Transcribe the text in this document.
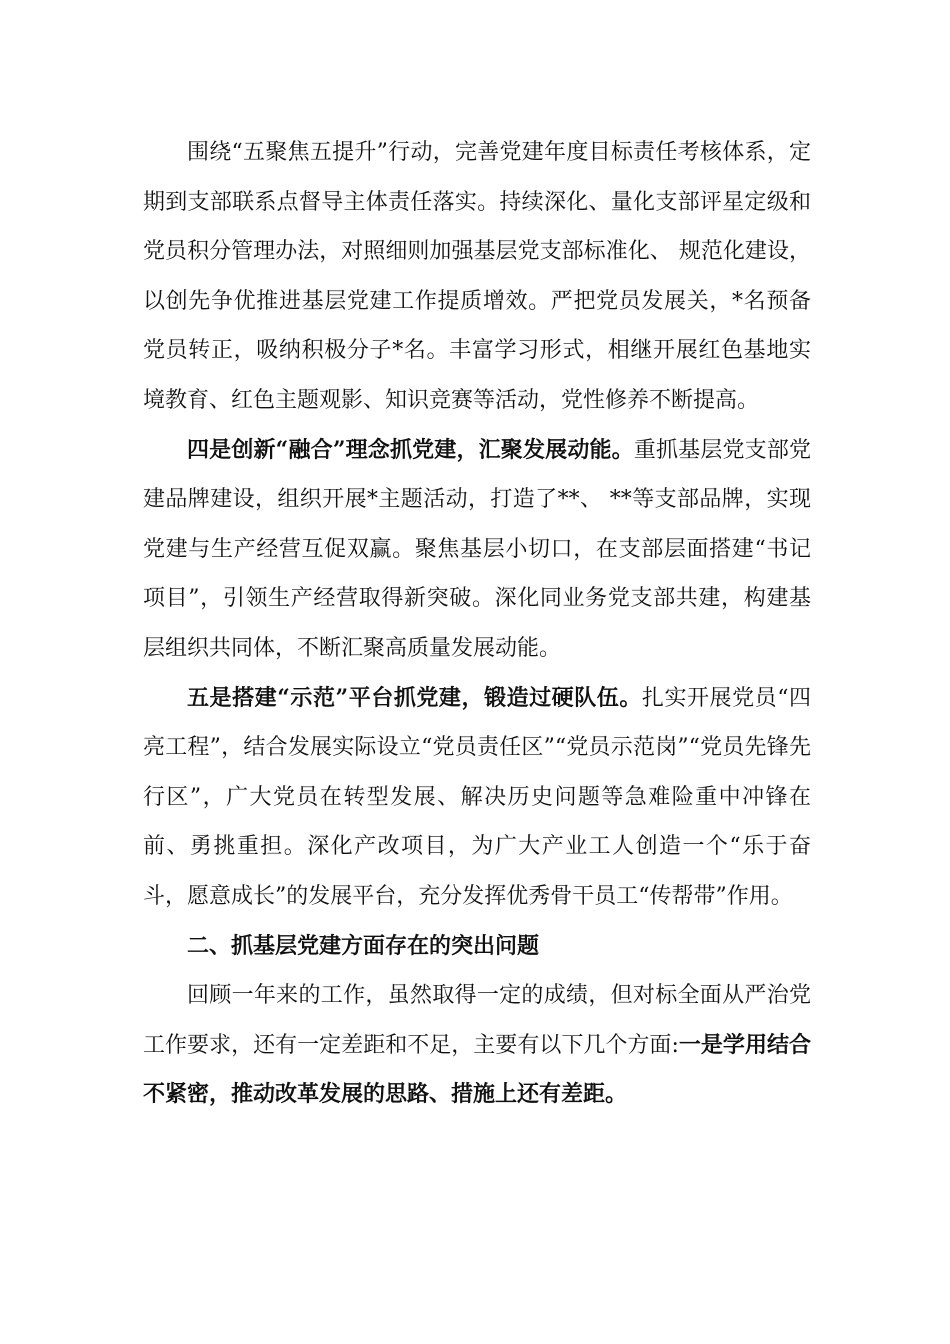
围绕“五聚焦五提升”行动，完善党建年度目标责任考核体系，定期到支部联系点督导主体责任落实。持续深化、量化支部评星定级和党员积分管理办法，对照细则加强基层党支部标准化、 规范化建设，以创先争优推进基层党建工作提质增效。严把党员发展关，*名预备党员转正，吸纳积极分子*名。丰富学习形式，相继开展红色基地实境教育、红色主题观影、知识竞赛等活动，党性修养不断提高。

四是创新“融合”理念抓党建，汇聚发展动能。重抓基层党支部党建品牌建设，组织开展*主题活动，打造了**、 **等支部品牌，实现党建与生产经营互促双赢。聚焦基层小切口，在支部层面搭建“书记项目”，引领生产经营取得新突破。深化同业务党支部共建，构建基层组织共同体，不断汇聚高质量发展动能。

五是搭建“示范”平台抓党建，锻造过硬队伍。扎实开展党员“四亮工程”，结合发展实际设立“党员责任区”“党员示范岗”“党员先锋先行区”，广大党员在转型发展、解决历史问题等急难险重中冲锋在前、勇挑重担。深化产改项目，为广大产业工人创造一个“乐于奋斗，愿意成长”的发展平台，充分发挥优秀骨干员工“传帮带”作用。

二、抓基层党建方面存在的突出问题

回顾一年来的工作，虽然取得一定的成绩，但对标全面从严治党工作要求，还有一定差距和不足，主要有以下几个方面:一是学用结合不紧密，推动改革发展的思路、措施上还有差距。
